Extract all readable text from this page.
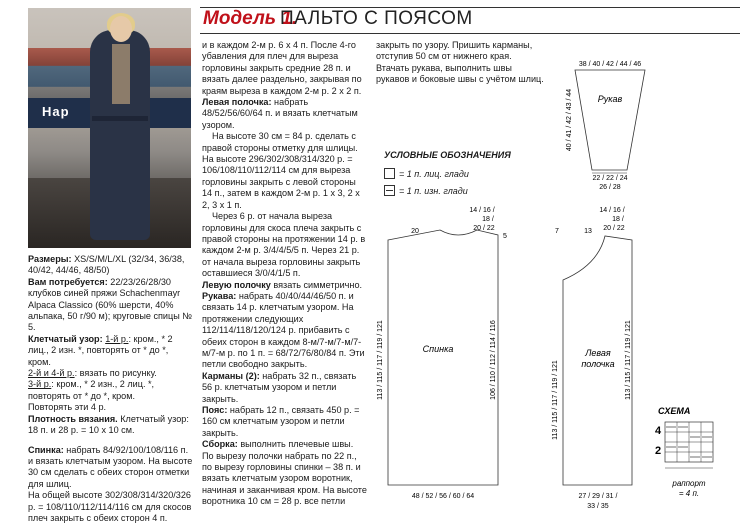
Hap
Модель 1.
ПАЛЬТО С ПОЯСОМ

Размеры: XS/S/M/L/XL (32/34, 36/38, 40/42, 44/46, 48/50)

Вам потребуется: 22/23/26/28/30 клубков синей пряжи Schachenmayr Alpaca Classico (60% шерсти, 40% альпака, 50 г/90 м); круговые спицы № 5.

Клетчатый узор: 1-й р.: кром., * 2 лиц., 2 изн. *, повторять от * до *, кром.

2-й и 4-й р.: вязать по рисунку.

3-й р.: кром., * 2 изн., 2 лиц. *, повторять от * до *, кром.

Повторять эти 4 р.

Плотность вязания. Клетчатый узор: 18 п. и 28 р. = 10 х 10 см.

Спинка: набрать 84/92/100/108/116 п. и вязать клетчатым узором. На высоте 30 см сделать с обеих сторон отметки для шлиц.

На общей высоте 302/308/314/320/326 р. = 108/110/112/114/116 см для скосов плеч закрыть с обеих сторон 4 п.

и в каждом 2-м р. 6 х 4 п. После 4-го убавления для плеч для выреза горловины закрыть средние 28 п. и вязать далее раздельно, закрывая по краям выреза в каждом 2-м р. 2 х 2 п.

Левая полочка: набрать 48/52/56/60/64 п. и вязать клетчатым узором.

На высоте 30 см = 84 р. сделать с правой стороны отметку для шлицы. На высоте 296/302/308/314/320 р. = 106/108/110/112/114 см для выреза горловины закрыть с левой стороны 14 п., затем в каждом 2-м р. 1 х 3, 2 х 2, 3 х 1 п.

Через 6 р. от начала выреза горловины для скоса плеча закрыть с правой стороны на протяжении 14 р. в каждом 2-м р. 3/4/4/5/5 п. Через 21 р. от начала выреза горловины закрыть оставшиеся 3/0/4/1/5 п.

Левую полочку вязать симметрично.

Рукава: набрать 40/40/44/46/50 п. и связать 14 р. клетчатым узором. На протяжении следующих 112/114/118/120/124 р. прибавить с обеих сторон в каждом 8-м/7-м/7-м/7-м/7-м р. по 1 п. = 68/72/76/80/84 п. Эти петли свободно закрыть.

Карманы (2): набрать 32 п., связать 56 р. клетчатым узором и петли закрыть.

Пояс: набрать 12 п., связать 450 р. = 160 см клетчатым узором и петли закрыть.

Сборка: выполнить плечевые швы. По вырезу полочки набрать по 22 п., по вырезу горловины спинки – 38 п. и вязать клетчатым узором воротник, начиная и заканчивая кром. На высоте воротника 10 см = 28 р. все петли

закрыть по узору. Пришить карманы, отступив 50 см от нижнего края. Втачать рукава, выполнить швы рукавов и боковые швы с учётом шлиц.

УСЛОВНЫЕ ОБОЗНАЧЕНИЯ
= 1 п. лиц. глади
= 1 п. изн. глади
38 / 40 / 42 / 44 / 46
Рукав
40 / 41 / 42 / 43 / 44
22 / 22 / 24
26 / 28
20
14 / 16 /
18 /
20 / 22
5
Спинка
113 / 115 / 117 / 119 / 121	106 / 110 / 112 / 114 / 116
48 / 52 / 56 / 60 / 64
7	13
14 / 16 /
18 /
20 / 22
Левая
полочка
113 / 115 / 117 / 119 / 121
113 / 115 / 117 / 119 / 121
27 / 29 / 31 /
33 / 35
СХЕМА
4
2
раппорт
= 4 п.
